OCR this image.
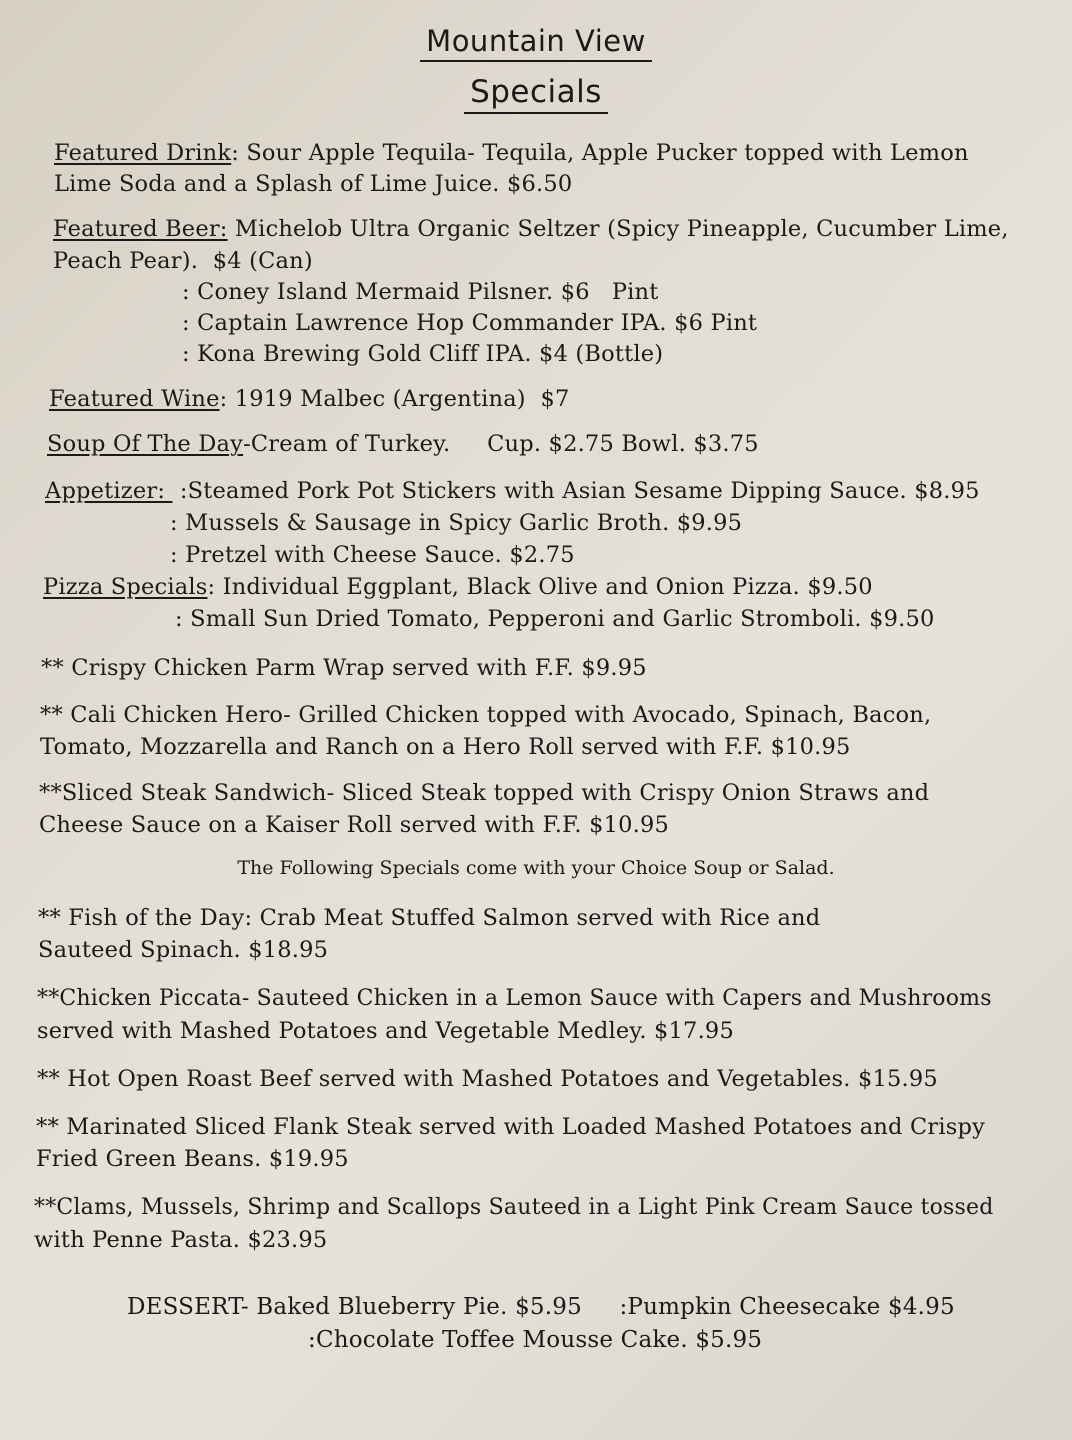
Mountain View
Specials
Featured Drink: Sour Apple Tequila- Tequila, Apple Pucker topped with Lemon
Lime Soda and a Splash of Lime Juice. $6.50
Featured Beer: Michelob Ultra Organic Seltzer (Spicy Pineapple, Cucumber Lime,
Peach Pear).  $4 (Can)
: Coney Island Mermaid Pilsner. $6   Pint
: Captain Lawrence Hop Commander IPA. $6 Pint
: Kona Brewing Gold Cliff IPA. $4 (Bottle)
Featured Wine: 1919 Malbec (Argentina)  $7
Soup Of The Day-Cream of Turkey.     Cup. $2.75 Bowl. $3.75
Appetizer:  :Steamed Pork Pot Stickers with Asian Sesame Dipping Sauce. $8.95
: Mussels & Sausage in Spicy Garlic Broth. $9.95
: Pretzel with Cheese Sauce. $2.75
Pizza Specials: Individual Eggplant, Black Olive and Onion Pizza. $9.50
: Small Sun Dried Tomato, Pepperoni and Garlic Stromboli. $9.50
** Crispy Chicken Parm Wrap served with F.F. $9.95
** Cali Chicken Hero- Grilled Chicken topped with Avocado, Spinach, Bacon,
Tomato, Mozzarella and Ranch on a Hero Roll served with F.F. $10.95
**Sliced Steak Sandwich- Sliced Steak topped with Crispy Onion Straws and
Cheese Sauce on a Kaiser Roll served with F.F. $10.95
The Following Specials come with your Choice Soup or Salad.
** Fish of the Day: Crab Meat Stuffed Salmon served with Rice and
Sauteed Spinach. $18.95
**Chicken Piccata- Sauteed Chicken in a Lemon Sauce with Capers and Mushrooms
served with Mashed Potatoes and Vegetable Medley. $17.95
** Hot Open Roast Beef served with Mashed Potatoes and Vegetables. $15.95
** Marinated Sliced Flank Steak served with Loaded Mashed Potatoes and Crispy
Fried Green Beans. $19.95
**Clams, Mussels, Shrimp and Scallops Sauteed in a Light Pink Cream Sauce tossed
with Penne Pasta. $23.95
DESSERT- Baked Blueberry Pie. $5.95     :Pumpkin Cheesecake $4.95
:Chocolate Toffee Mousse Cake. $5.95
